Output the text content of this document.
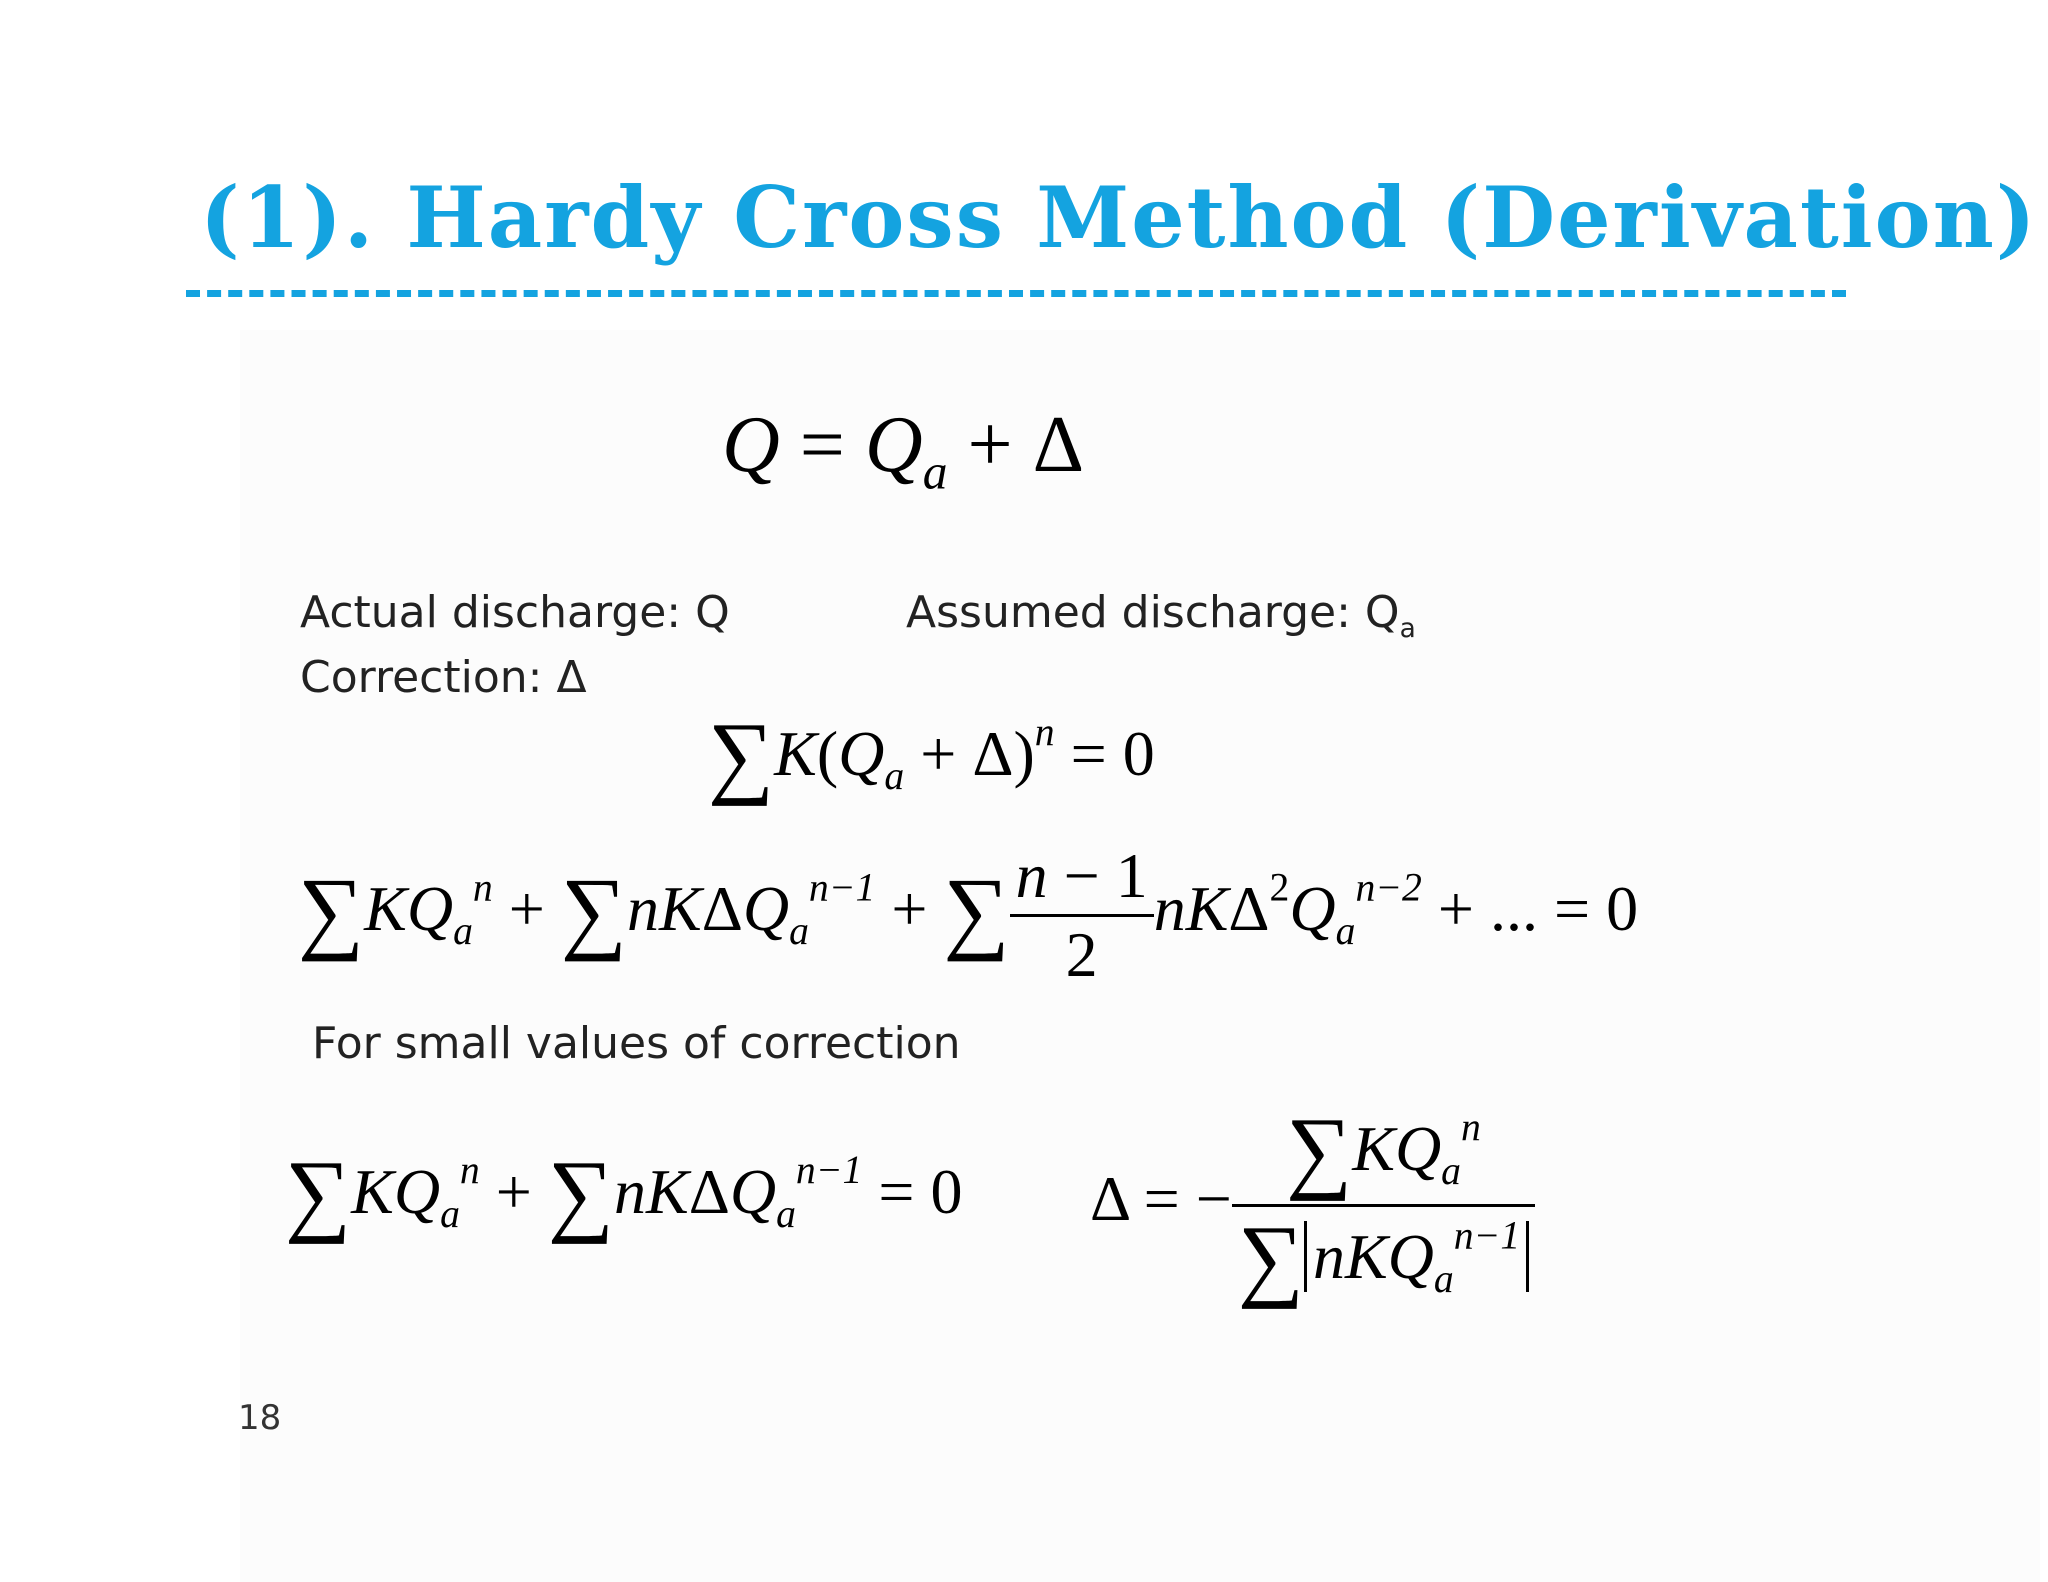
(1). Hardy Cross Method (Derivation)
$Q = Q_a + \Delta$
Actual discharge: Q	Assumed discharge: $Q_a$
Correction: Δ
$\sum K(Q_a + \Delta)^n = 0$
$\sum KQ_a^n + \sum nK\Delta Q_a^{n-1}$ + ∑ $\frac{n - 1}{2} nK\Delta^2Q_a^{n-2}$ + ... = 0
For small values of correction
$\sum KQ_a^n + \sum nK\Delta Q_a^{n-1} = 0$ Δ = − $\frac{\sum KQ_a^n}{\sum nKQ_a^{n-1}}$
18
